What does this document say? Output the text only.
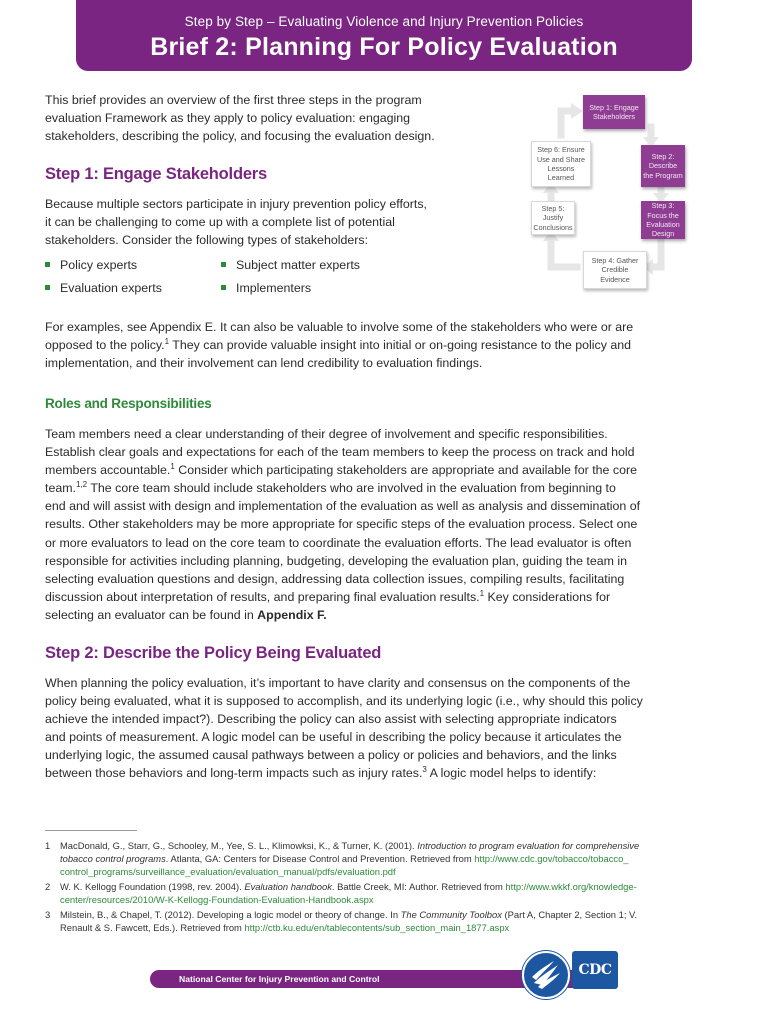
Step by Step – Evaluating Violence and Injury Prevention Policies
Brief 2: Planning For Policy Evaluation
This brief provides an overview of the first three steps in the program
evaluation Framework as they apply to policy evaluation: engaging
stakeholders, describing the policy, and focusing the evaluation design.
Step 1: Engage Stakeholders
Because multiple sectors participate in injury prevention policy efforts,
it can be challenging to come up with a complete list of potential
stakeholders. Consider the following types of stakeholders:
Policy experts	Subject matter experts
Evaluation experts	Implementers
For examples, see Appendix E. It can also be valuable to involve some of the stakeholders who were or are
opposed to the policy.$^1$ They can provide valuable insight into initial or on-going resistance to the policy and
implementation, and their involvement can lend credibility to evaluation findings.
Roles and Responsibilities
Team members need a clear understanding of their degree of involvement and specific responsibilities.
Establish clear goals and expectations for each of the team members to keep the process on track and hold
members accountable.$^1$ Consider which participating stakeholders are appropriate and available for the core
team.$^{1,2}$ The core team should include stakeholders who are involved in the evaluation from beginning to
end and will assist with design and implementation of the evaluation as well as analysis and dissemination of
results. Other stakeholders may be more appropriate for specific steps of the evaluation process. Select one
or more evaluators to lead on the core team to coordinate the evaluation efforts. The lead evaluator is often
responsible for activities including planning, budgeting, developing the evaluation plan, guiding the team in
selecting evaluation questions and design, addressing data collection issues, compiling results, facilitating
discussion about interpretation of results, and preparing final evaluation results.$^1$ Key considerations for
selecting an evaluator can be found in Appendix F.
Step 2: Describe the Policy Being Evaluated
When planning the policy evaluation, it’s important to have clarity and consensus on the components of the
policy being evaluated, what it is supposed to accomplish, and its underlying logic (i.e., why should this policy
achieve the intended impact?). Describing the policy can also assist with selecting appropriate indicators
and points of measurement. A logic model can be useful in describing the policy because it articulates the
underlying logic, the assumed causal pathways between a policy or policies and behaviors, and the links
between those behaviors and long-term impacts such as injury rates.$^3$ A logic model helps to identify:
Step 1: Engage Stakeholders
Step 2: Describe the Program
Step 3: Focus the Evaluation Design
Step 4: Gather Credible Evidence
Step 5: Justify Conclusions
Step 6: Ensure Use and Share Lessons Learned
1 MacDonald, G., Starr, G., Schooley, M., Yee, S. L., Klimowksi, K., & Turner, K. (2001). Introduction to program evaluation for comprehensive
tobacco control programs. Atlanta, GA: Centers for Disease Control and Prevention. Retrieved from http://www.cdc.gov/tobacco/tobacco_
control_programs/surveillance_evaluation/evaluation_manual/pdfs/evaluation.pdf
2 W. K. Kellogg Foundation (1998, rev. 2004). Evaluation handbook. Battle Creek, MI: Author. Retrieved from http://www.wkkf.org/knowledge-
center/resources/2010/W-K-Kellogg-Foundation-Evaluation-Handbook.aspx
3 Milstein, B., & Chapel, T. (2012). Developing a logic model or theory of change. In The Community Toolbox (Part A, Chapter 2, Section 1; V.
Renault & S. Fawcett, Eds.). Retrieved from http://ctb.ku.edu/en/tablecontents/sub_section_main_1877.aspx
National Center for Injury Prevention and Control
CDC
